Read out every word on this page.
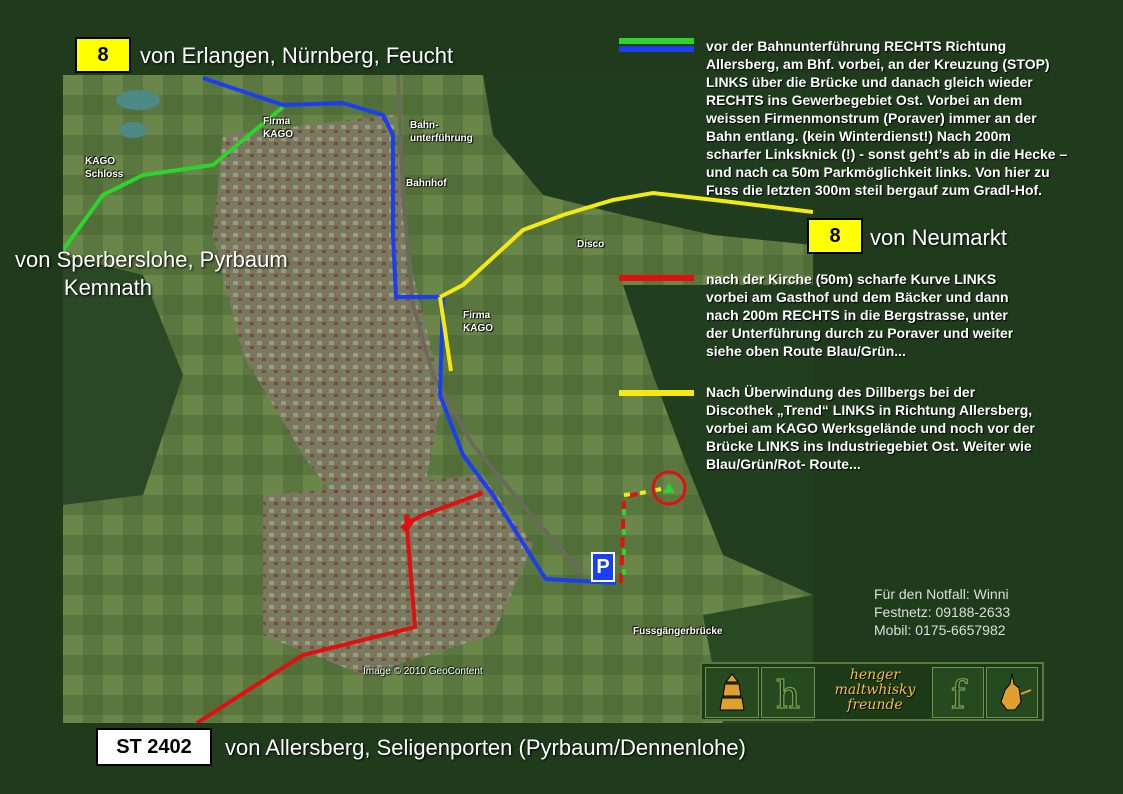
P
Firma
KAGO
KAGO
Schloss
Bahn-
unterführung
Bahnhof
Disco
Firma
KAGO
Fussgängerbrücke
Image © 2010 GeoContent
8	von Erlangen, Nürnberg, Feucht
8	von Neumarkt
von Sperberslohe, Pyrbaum
Kemnath
ST 2402	von Allersberg, Seligenporten (Pyrbaum/Dennenlohe)
vor der Bahnunterführung RECHTS Richtung
Allersberg, am Bhf. vorbei, an der Kreuzung (STOP)
LINKS über die Brücke und danach gleich wieder
RECHTS ins Gewerbegebiet Ost. Vorbei an dem
weissen Firmenmonstrum (Poraver) immer an der
Bahn entlang. (kein Winterdienst!) Nach 200m
scharfer Linksknick (!) - sonst geht’s ab in die Hecke –
und nach ca 50m Parkmöglichkeit links. Von hier zu
Fuss die letzten 300m steil bergauf zum Gradl-Hof.
nach der Kirche (50m) scharfe Kurve LINKS
vorbei am Gasthof und dem Bäcker und dann
nach 200m RECHTS in die Bergstrasse, unter
der Unterführung durch zu Poraver und weiter
siehe oben Route Blau/Grün...
Nach Überwindung des Dillbergs bei der
Discothek „Trend“ LINKS in Richtung Allersberg,
vorbei am KAGO Werksgelände und noch vor der
Brücke LINKS ins Industriegebiet Ost. Weiter wie
Blau/Grün/Rot- Route...
Für den Notfall: Winni
Festnetz: 09188-2633
Mobil: 0175-6657982
h	henger
maltwhisky
freunde	f
